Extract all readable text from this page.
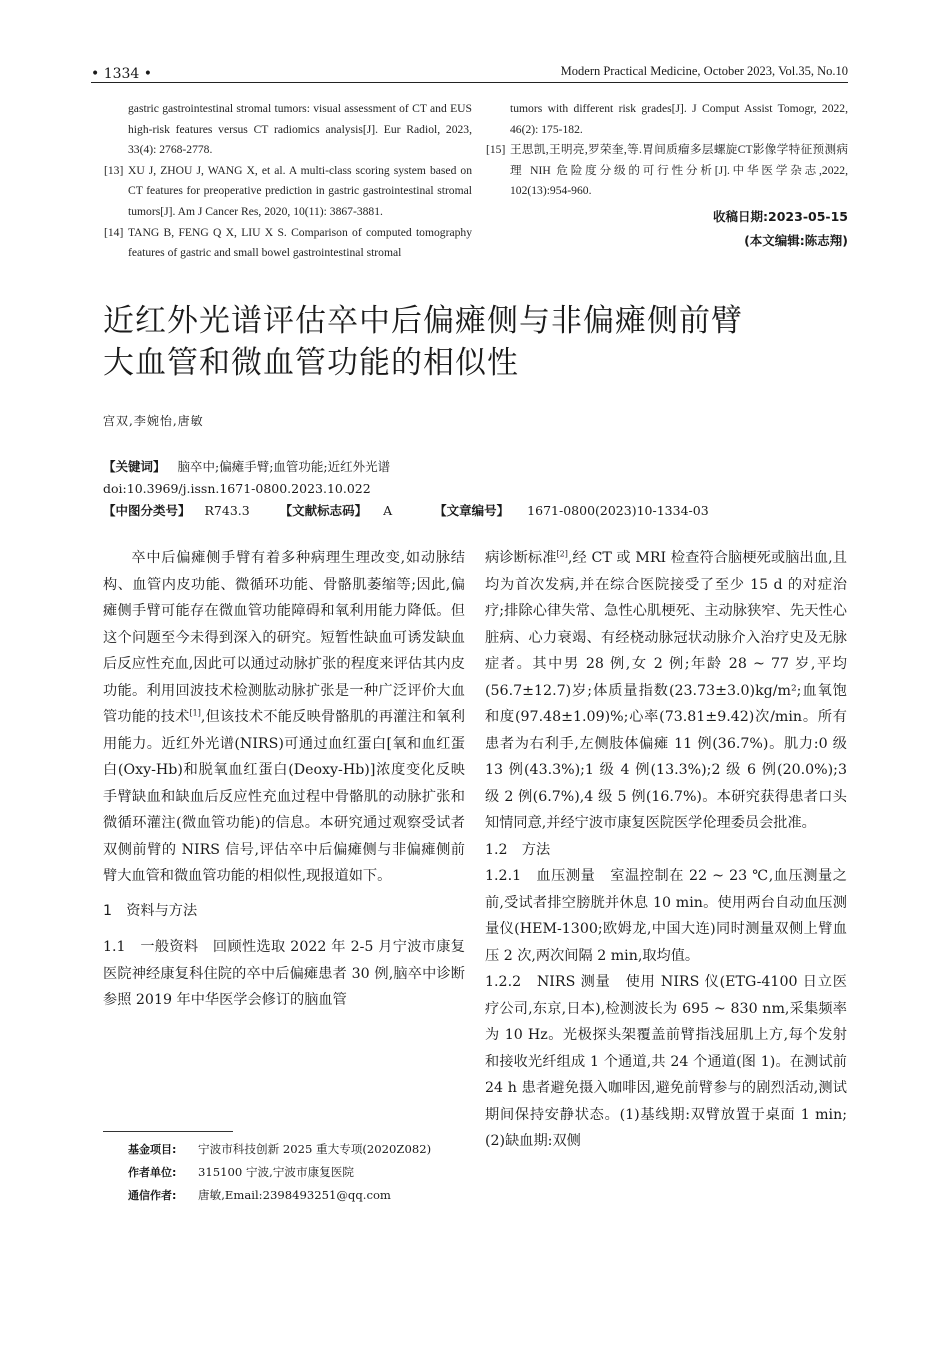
• 1334 •	Modern Practical Medicine, October 2023, Vol.35, No.10
gastric gastrointestinal stromal tumors: visual assessment of CT and EUS high-risk features versus CT radiomics analysis[J]. Eur Radiol, 2023, 33(4): 2768-2778.
[13] XU J, ZHOU J, WANG X, et al. A multi-class scoring system based on CT features for preoperative prediction in gastric gastrointestinal stromal tumors[J]. Am J Cancer Res, 2020, 10(11): 3867-3881.
[14] TANG B, FENG Q X, LIU X S. Comparison of computed tomography features of gastric and small bowel gastrointestinal stromal
tumors with different risk grades[J]. J Comput Assist Tomogr, 2022, 46(2): 175-182.
[15] 王思凯,王明亮,罗荣奎,等.胃间质瘤多层螺旋CT影像学特征预测病理 NIH 危险度分级的可行性分析[J].中华医学杂志,2022, 102(13):954-960.
收稿日期:2023-05-15
(本文编辑:陈志翔)
近红外光谱评估卒中后偏瘫侧与非偏瘫侧前臂
大血管和微血管功能的相似性
宫双,李婉怡,唐敏
【关键词】 脑卒中;偏瘫手臂;血管功能;近红外光谱
doi:10.3969/j.issn.1671-0800.2023.10.022
【中图分类号】 R743.3 【文献标志码】 A	【文章编号】 1671-0800(2023)10-1334-03

卒中后偏瘫侧手臂有着多种病理生理改变,如动脉结构、血管内皮功能、微循环功能、骨骼肌萎缩等;因此,偏瘫侧手臂可能存在微血管功能障碍和氧利用能力降低。但这个问题至今未得到深入的研究。短暂性缺血可诱发缺血后反应性充血,因此可以通过动脉扩张的程度来评估其内皮功能。利用回波技术检测肱动脉扩张是一种广泛评价大血管功能的技术[1],但该技术不能反映骨骼肌的再灌注和氧利用能力。近红外光谱(NIRS)可通过血红蛋白[氧和血红蛋白(Oxy-Hb)和脱氧血红蛋白(Deoxy-Hb)]浓度变化反映手臂缺血和缺血后反应性充血过程中骨骼肌的动脉扩张和微循环灌注(微血管功能)的信息。本研究通过观察受试者双侧前臂的 NIRS 信号,评估卒中后偏瘫侧与非偏瘫侧前臂大血管和微血管功能的相似性,现报道如下。

1　资料与方法

1.1　一般资料　回顾性选取 2022 年 2-5 月宁波市康复医院神经康复科住院的卒中后偏瘫患者 30 例,脑卒中诊断参照 2019 年中华医学会修订的脑血管

病诊断标准[2],经 CT 或 MRI 检查符合脑梗死或脑出血,且均为首次发病,并在综合医院接受了至少 15 d 的对症治疗;排除心律失常、急性心肌梗死、主动脉狭窄、先天性心脏病、心力衰竭、有经桡动脉冠状动脉介入治疗史及无脉症者。其中男 28 例,女 2 例;年龄 28 ~ 77 岁,平均(56.7±12.7)岁;体质量指数(23.73±3.0)kg/m²;血氧饱和度(97.48±1.09)%;心率(73.81±9.42)次/min。所有患者为右利手,左侧肢体偏瘫 11 例(36.7%)。肌力:0 级 13 例(43.3%);1 级 4 例(13.3%);2 级 6 例(20.0%);3 级 2 例(6.7%),4 级 5 例(16.7%)。本研究获得患者口头知情同意,并经宁波市康复医院医学伦理委员会批准。

1.2　方法

1.2.1　血压测量　室温控制在 22 ~ 23 ℃,血压测量之前,受试者排空膀胱并休息 10 min。使用两台自动血压测量仪(HEM-1300;欧姆龙,中国大连)同时测量双侧上臂血压 2 次,两次间隔 2 min,取均值。

1.2.2　NIRS 测量　使用 NIRS 仪(ETG-4100 日立医疗公司,东京,日本),检测波长为 695 ~ 830 nm,采集频率为 10 Hz。光极探头架覆盖前臂指浅屈肌上方,每个发射和接收光纤组成 1 个通道,共 24 个通道(图 1)。在测试前 24 h 患者避免摄入咖啡因,避免前臂参与的剧烈活动,测试期间保持安静状态。(1)基线期:双臂放置于桌面 1 min;(2)缺血期:双侧

基金项目: 宁波市科技创新 2025 重大专项(2020Z082)
作者单位: 315100 宁波,宁波市康复医院
通信作者: 唐敏,Email:2398493251@qq.com
